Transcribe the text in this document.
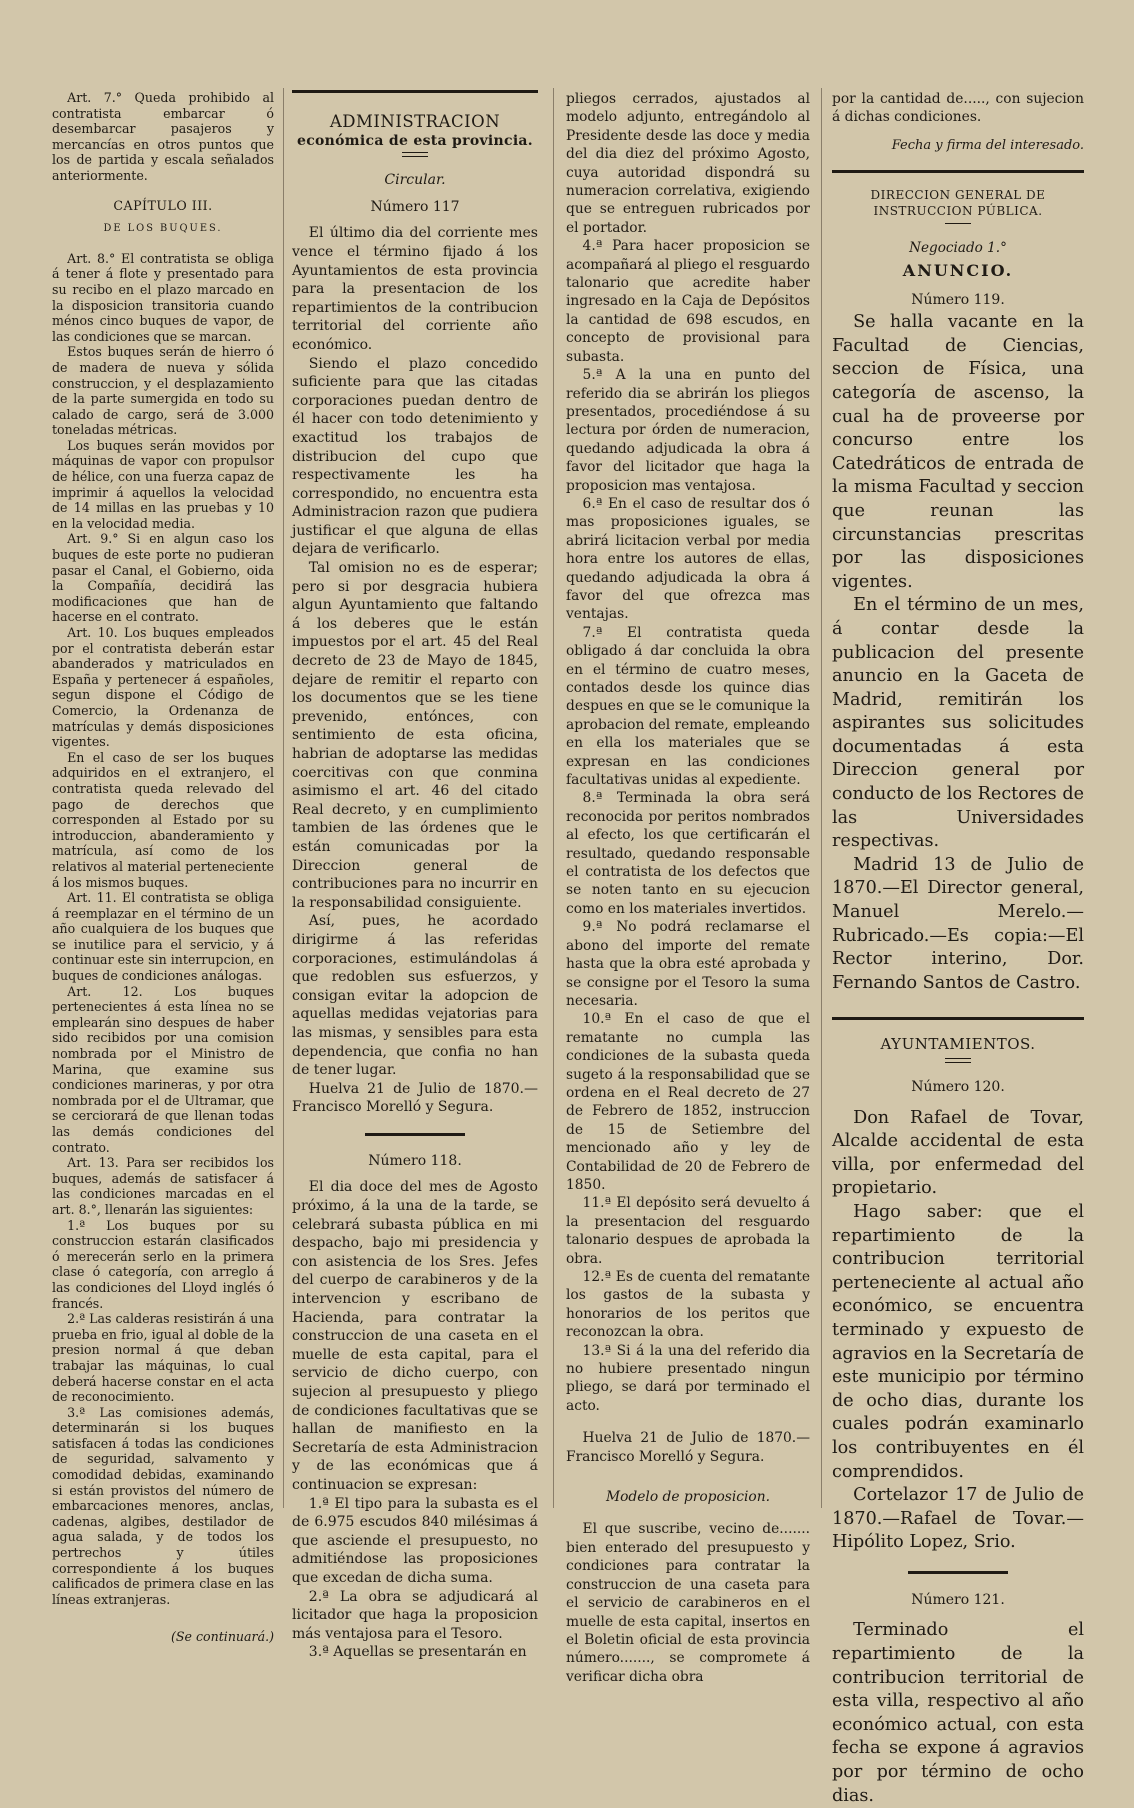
Art. 7.° Queda prohibido al contratista embarcar ó desembarcar pasajeros y mercancías en otros puntos que los de partida y escala señalados anteriormente.

CAPÍTULO III.

DE LOS BUQUES.

Art. 8.° El contratista se obliga á tener á flote y presentado para su recibo en el plazo marcado en la disposicion transitoria cuando ménos cinco buques de vapor, de las condiciones que se marcan.

Estos buques serán de hierro ó de madera de nueva y sólida construccion, y el desplazamiento de la parte sumergida en todo su calado de cargo, será de 3.000 toneladas métricas.

Los buques serán movidos por máquinas de vapor con propulsor de hélice, con una fuerza capaz de imprimir á aquellos la velocidad de 14 millas en las pruebas y 10 en la velocidad media.

Art. 9.° Si en algun caso los buques de este porte no pudieran pasar el Canal, el Gobierno, oida la Compañía, decidirá las modificaciones que han de hacerse en el contrato.

Art. 10. Los buques empleados por el contratista deberán estar abanderados y matriculados en España y pertenecer á españoles, segun dispone el Código de Comercio, la Ordenanza de matrículas y demás disposiciones vigentes.

En el caso de ser los buques adquiridos en el extranjero, el contratista queda relevado del pago de derechos que corresponden al Estado por su introduccion, abanderamiento y matrícula, así como de los relativos al material perteneciente á los mismos buques.

Art. 11. El contratista se obliga á reemplazar en el término de un año cualquiera de los buques que se inutilice para el servicio, y á continuar este sin interrupcion, en buques de condiciones análogas.

Art. 12. Los buques pertenecientes á esta línea no se emplearán sino despues de haber sido recibidos por una comision nombrada por el Ministro de Marina, que examine sus condiciones marineras, y por otra nombrada por el de Ultramar, que se cerciorará de que llenan todas las demás condiciones del contrato.

Art. 13. Para ser recibidos los buques, además de satisfacer á las condiciones marcadas en el art. 8.°, llenarán las siguientes:

1.ª Los buques por su construccion estarán clasificados ó merecerán serlo en la primera clase ó categoría, con arreglo á las condiciones del Lloyd inglés ó francés.

2.ª Las calderas resistirán á una prueba en frio, igual al doble de la presion normal á que deban trabajar las máquinas, lo cual deberá hacerse constar en el acta de reconocimiento.

3.ª Las comisiones además, determinarán si los buques satisfacen á todas las condiciones de seguridad, salvamento y comodidad debidas, examinando si están provistos del número de embarcaciones menores, anclas, cadenas, algibes, destilador de agua salada, y de todos los pertrechos y útiles correspondiente á los buques calificados de primera clase en las líneas extranjeras.

(Se continuará.)

ADMINISTRACION

económica de esta provincia.

Circular.

Número 117

El último dia del corriente mes vence el término fijado á los Ayuntamientos de esta provincia para la presentacion de los repartimientos de la contribucion territorial del corriente año económico.

Siendo el plazo concedido suficiente para que las citadas corporaciones puedan dentro de él hacer con todo detenimiento y exactitud los trabajos de distribucion del cupo que respectivamente les ha correspondido, no encuentra esta Administracion razon que pudiera justificar el que alguna de ellas dejara de verificarlo.

Tal omision no es de esperar; pero si por desgracia hubiera algun Ayuntamiento que faltando á los deberes que le están impuestos por el art. 45 del Real decreto de 23 de Mayo de 1845, dejare de remitir el reparto con los documentos que se les tiene prevenido, entónces, con sentimiento de esta oficina, habrian de adoptarse las medidas coercitivas con que conmina asimismo el art. 46 del citado Real decreto, y en cumplimiento tambien de las órdenes que le están comunicadas por la Direccion general de contribuciones para no incurrir en la responsabilidad consiguiente.

Así, pues, he acordado dirigirme á las referidas corporaciones, estimulándolas á que redoblen sus esfuerzos, y consigan evitar la adopcion de aquellas medidas vejatorias para las mismas, y sensibles para esta dependencia, que confia no han de tener lugar.

Huelva 21 de Julio de 1870.—Francisco Morelló y Segura.

Número 118.

El dia doce del mes de Agosto próximo, á la una de la tarde, se celebrará subasta pública en mi despacho, bajo mi presidencia y con asistencia de los Sres. Jefes del cuerpo de carabineros y de la intervencion y escribano de Hacienda, para contratar la construccion de una caseta en el muelle de esta capital, para el servicio de dicho cuerpo, con sujecion al presupuesto y pliego de condiciones facultativas que se hallan de manifiesto en la Secretaría de esta Administracion y de las económicas que á continuacion se expresan:

1.ª El tipo para la subasta es el de 6.975 escudos 840 milésimas á que asciende el presupuesto, no admitiéndose las proposiciones que excedan de dicha suma.

2.ª La obra se adjudicará al licitador que haga la proposicion más ventajosa para el Tesoro.

3.ª Aquellas se presentarán en

pliegos cerrados, ajustados al modelo adjunto, entregándolo al Presidente desde las doce y media del dia diez del próximo Agosto, cuya autoridad dispondrá su numeracion correlativa, exigiendo que se entreguen rubricados por el portador.

4.ª Para hacer proposicion se acompañará al pliego el resguardo talonario que acredite haber ingresado en la Caja de Depósitos la cantidad de 698 escudos, en concepto de provisional para subasta.

5.ª A la una en punto del referido dia se abrirán los pliegos presentados, procediéndose á su lectura por órden de numeracion, quedando adjudicada la obra á favor del licitador que haga la proposicion mas ventajosa.

6.ª En el caso de resultar dos ó mas proposiciones iguales, se abrirá licitacion verbal por media hora entre los autores de ellas, quedando adjudicada la obra á favor del que ofrezca mas ventajas.

7.ª El contratista queda obligado á dar concluida la obra en el término de cuatro meses, contados desde los quince dias despues en que se le comunique la aprobacion del remate, empleando en ella los materiales que se expresan en las condiciones facultativas unidas al expediente.

8.ª Terminada la obra será reconocida por peritos nombrados al efecto, los que certificarán el resultado, quedando responsable el contratista de los defectos que se noten tanto en su ejecucion como en los materiales invertidos.

9.ª No podrá reclamarse el abono del importe del remate hasta que la obra esté aprobada y se consigne por el Tesoro la suma necesaria.

10.ª En el caso de que el rematante no cumpla las condiciones de la subasta queda sugeto á la responsabilidad que se ordena en el Real decreto de 27 de Febrero de 1852, instruccion de 15 de Setiembre del mencionado año y ley de Contabilidad de 20 de Febrero de 1850.

11.ª El depósito será devuelto á la presentacion del resguardo talonario despues de aprobada la obra.

12.ª Es de cuenta del rematante los gastos de la subasta y honorarios de los peritos que reconozcan la obra.

13.ª Si á la una del referido dia no hubiere presentado ningun pliego, se dará por terminado el acto.

Huelva 21 de Julio de 1870.—Francisco Morelló y Segura.

Modelo de proposicion.

El que suscribe, vecino de....... bien enterado del presupuesto y condiciones para contratar la construccion de una caseta para el servicio de carabineros en el muelle de esta capital, insertos en el Boletin oficial de esta provincia número......., se compromete á verificar dicha obra

por la cantidad de....., con sujecion á dichas condiciones.

Fecha y firma del interesado.

DIRECCION GENERAL DE INSTRUCCION PÚBLICA.

Negociado 1.°

ANUNCIO.

Número 119.

Se halla vacante en la Facultad de Ciencias, seccion de Física, una categoría de ascenso, la cual ha de proveerse por concurso entre los Catedráticos de entrada de la misma Facultad y seccion que reunan las circunstancias prescritas por las disposiciones vigentes.

En el término de un mes, á contar desde la publicacion del presente anuncio en la Gaceta de Madrid, remitirán los aspirantes sus solicitudes documentadas á esta Direccion general por conducto de los Rectores de las Universidades respectivas.

Madrid 13 de Julio de 1870.—El Director general, Manuel Merelo.—Rubricado.—Es copia:—El Rector interino, Dor. Fernando Santos de Castro.

AYUNTAMIENTOS.

Número 120.

Don Rafael de Tovar, Alcalde accidental de esta villa, por enfermedad del propietario.

Hago saber: que el repartimiento de la contribucion territorial perteneciente al actual año económico, se encuentra terminado y expuesto de agravios en la Secretaría de este municipio por término de ocho dias, durante los cuales podrán examinarlo los contribuyentes en él comprendidos.

Cortelazor 17 de Julio de 1870.—Rafael de Tovar.—Hipólito Lopez, Srio.

Número 121.

Terminado el repartimiento de la contribucion territorial de esta villa, respectivo al año económico actual, con esta fecha se expone á agravios por por término de ocho dias.
